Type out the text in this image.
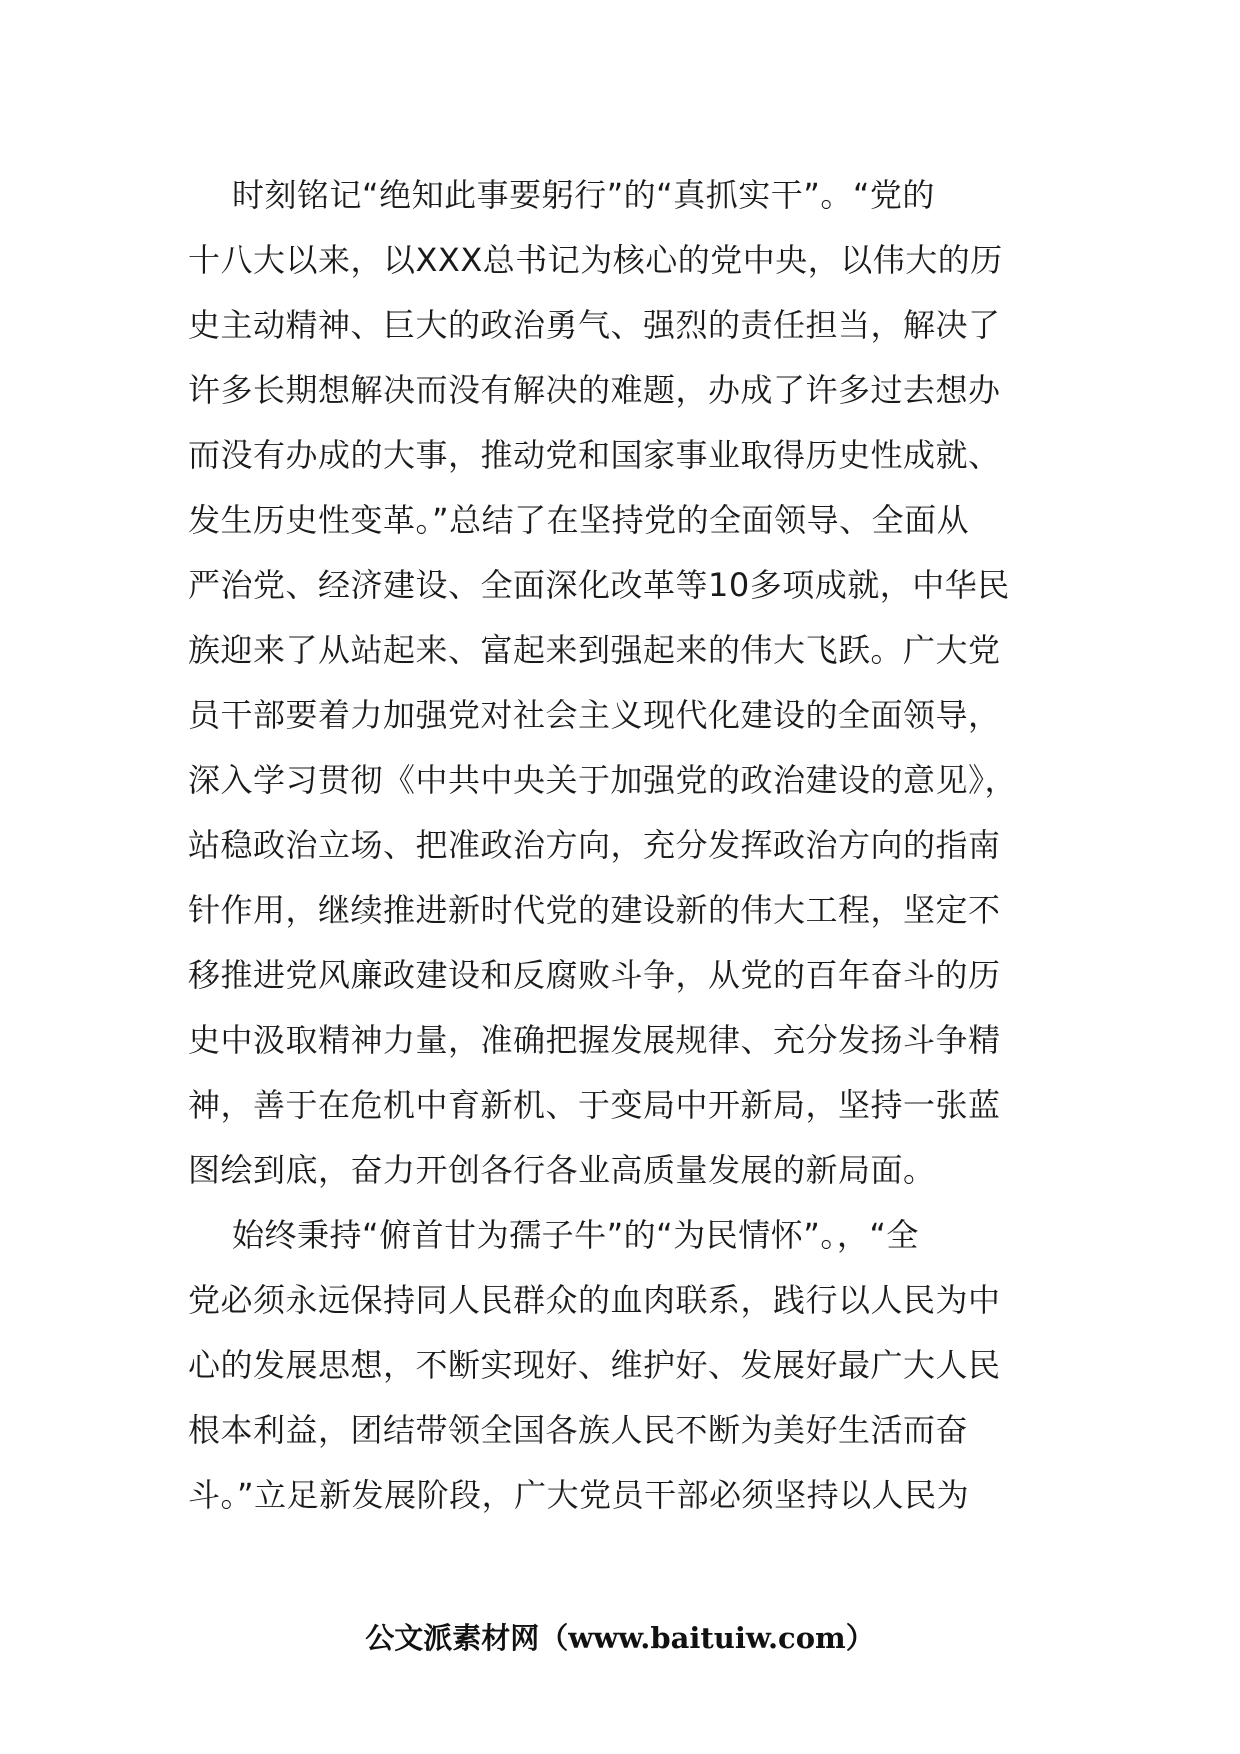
时刻铭记“绝知此事要躬行”的“真抓实干”。“党的
十八大以来，以XXX总书记为核心的党中央，以伟大的历
史主动精神、巨大的政治勇气、强烈的责任担当，解决了
许多长期想解决而没有解决的难题，办成了许多过去想办
而没有办成的大事，推动党和国家事业取得历史性成就、
发生历史性变革。”总结了在坚持党的全面领导、全面从
严治党、经济建设、全面深化改革等10多项成就，中华民
族迎来了从站起来、富起来到强起来的伟大飞跃。广大党
员干部要着力加强党对社会主义现代化建设的全面领导，
深入学习贯彻《中共中央关于加强党的政治建设的意见》，
站稳政治立场、把准政治方向，充分发挥政治方向的指南
针作用，继续推进新时代党的建设新的伟大工程，坚定不
移推进党风廉政建设和反腐败斗争，从党的百年奋斗的历
史中汲取精神力量，准确把握发展规律、充分发扬斗争精
神，善于在危机中育新机、于变局中开新局，坚持一张蓝
图绘到底，奋力开创各行各业高质量发展的新局面。
始终秉持“俯首甘为孺子牛”的“为民情怀”。，“全
党必须永远保持同人民群众的血肉联系，践行以人民为中
心的发展思想，不断实现好、维护好、发展好最广大人民
根本利益，团结带领全国各族人民不断为美好生活而奋
斗。”立足新发展阶段，广大党员干部必须坚持以人民为
公文派素材网（www.baituiw.com）
